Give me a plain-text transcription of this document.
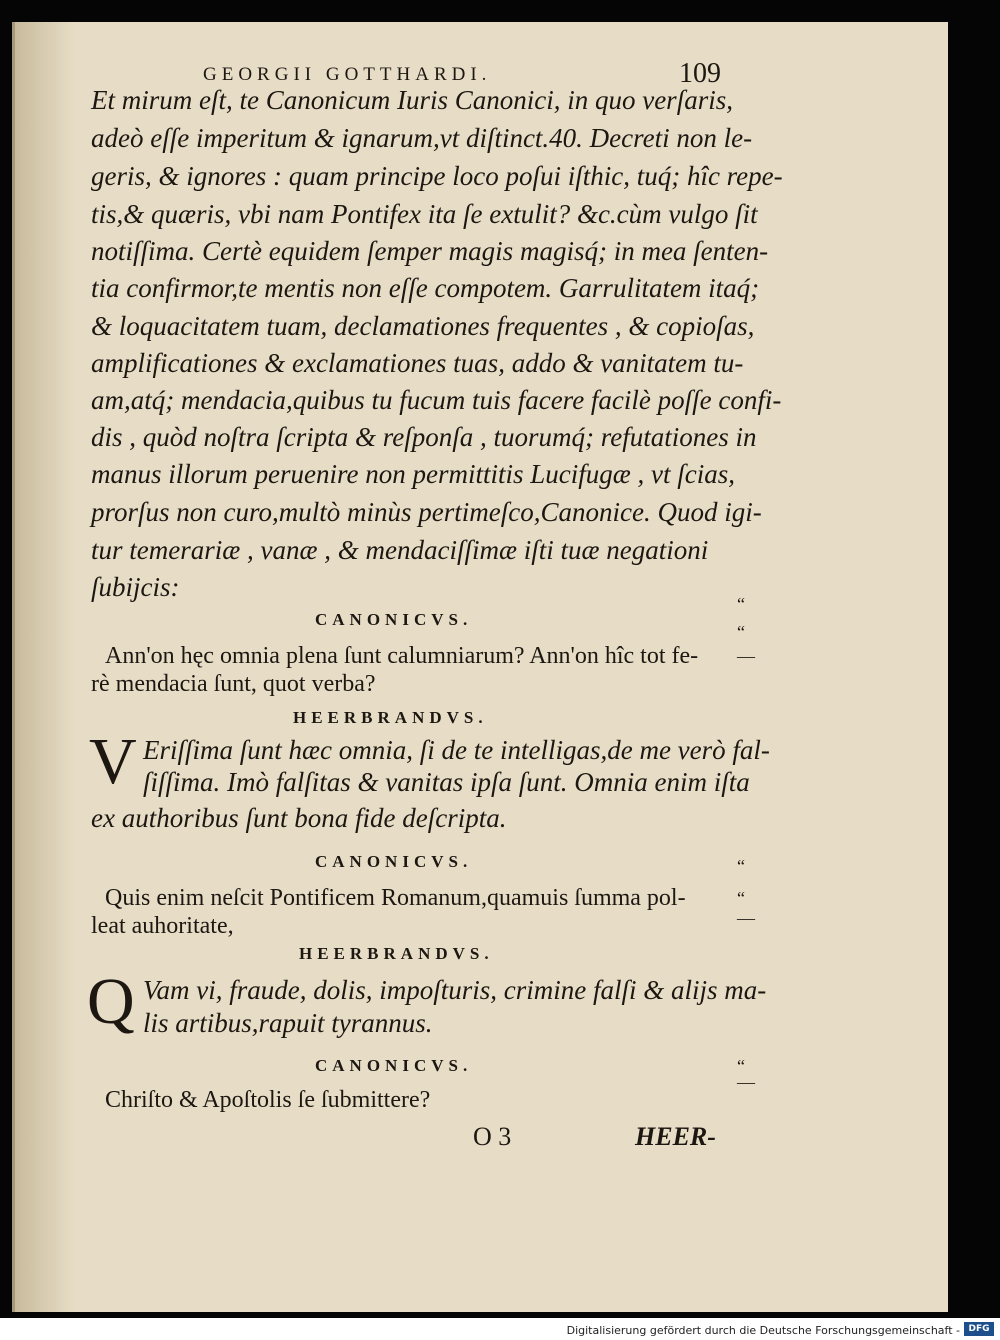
GEORGII GOTTHARDI.	109
Et mirum eſt, te Canonicum Iuris Canonici, in quo verſaris,
adeò eſſe imperitum & ignarum,vt diſtinct.40. Decreti non le-
geris, & ignores : quam principe loco poſui iſthic, tuq́; hîc repe-
tis,& quæris, vbi nam Pontifex ita ſe extulit? &c.cùm vulgo ſit
notiſſima. Certè equidem ſemper magis magisq́; in mea ſenten-
tia confirmor,te mentis non eſſe compotem. Garrulitatem itaq́;
& loquacitatem tuam, declamationes frequentes , & copioſas,
amplificationes & exclamationes tuas, addo & vanitatem tu-
am,atq́; mendacia,quibus tu fucum tuis facere facilè poſſe confi-
dis , quòd noſtra ſcripta & reſponſa , tuorumq́; refutationes in
manus illorum peruenire non permittitis Lucifugæ , vt ſcias,
prorſus non curo,multò minùs pertimeſco,Canonice. Quod igi-
tur temerariæ , vanæ , & mendaciſſimæ iſti tuæ negationi
ſubijcis:
CANONICVS.
Ann'on hęc omnia plena ſunt calumniarum? Ann'on hîc tot fe-
rè mendacia ſunt, quot verba?
HEERBRANDVS.
V Eriſſima ſunt hæc omnia, ſi de te intelligas,de me verò fal-
ſiſſima. Imò falſitas & vanitas ipſa ſunt. Omnia enim iſta
ex authoribus ſunt bona fide deſcripta.
CANONICVS.
Quis enim neſcit Pontificem Romanum,quamuis ſumma pol-
leat auhoritate,
HEERBRANDVS.
Q Vam vi, fraude, dolis, impoſturis, crimine falſi & alijs ma-
lis artibus,rapuit tyrannus.
CANONICVS.
Chriſto & Apoſtolis ſe ſubmittere?
O 3	HEER-
“
“
—
“
“
—
“
—
Digitalisierung gefördert durch die Deutsche Forschungsgemeinschaft - DFG
